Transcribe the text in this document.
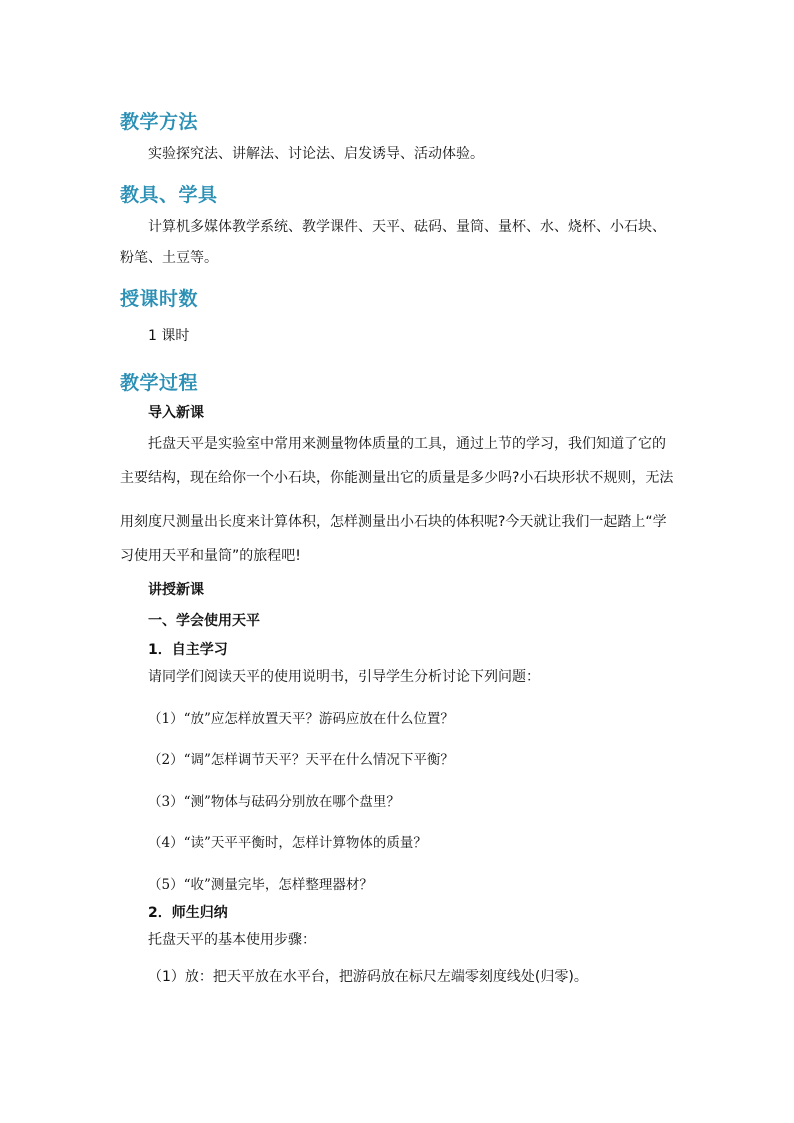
教学方法
实验探究法、讲解法、讨论法、启发诱导、活动体验。
教具、学具
计算机多媒体教学系统、教学课件、天平、砝码、量筒、量杯、水、烧杯、小石块、
粉笔、土豆等。
授课时数
1 课时
教学过程
导入新课
托盘天平是实验室中常用来测量物体质量的工具，通过上节的学习，我们知道了它的
主要结构，现在给你一个小石块，你能测量出它的质量是多少吗?小石块形状不规则，无法
用刻度尺测量出长度来计算体积，怎样测量出小石块的体积呢?今天就让我们一起踏上“学
习使用天平和量筒”的旅程吧!
讲授新课
一、学会使用天平
1．自主学习
请同学们阅读天平的使用说明书，引导学生分析讨论下列问题：
（1）“放”应怎样放置天平？游码应放在什么位置？
（2）“调”怎样调节天平？天平在什么情况下平衡？
（3）“测”物体与砝码分别放在哪个盘里？
（4）“读”天平平衡时，怎样计算物体的质量？
（5）“收”测量完毕，怎样整理器材？
2．师生归纳
托盘天平的基本使用步骤：
（1）放：把天平放在水平台，把游码放在标尺左端零刻度线处(归零)。
